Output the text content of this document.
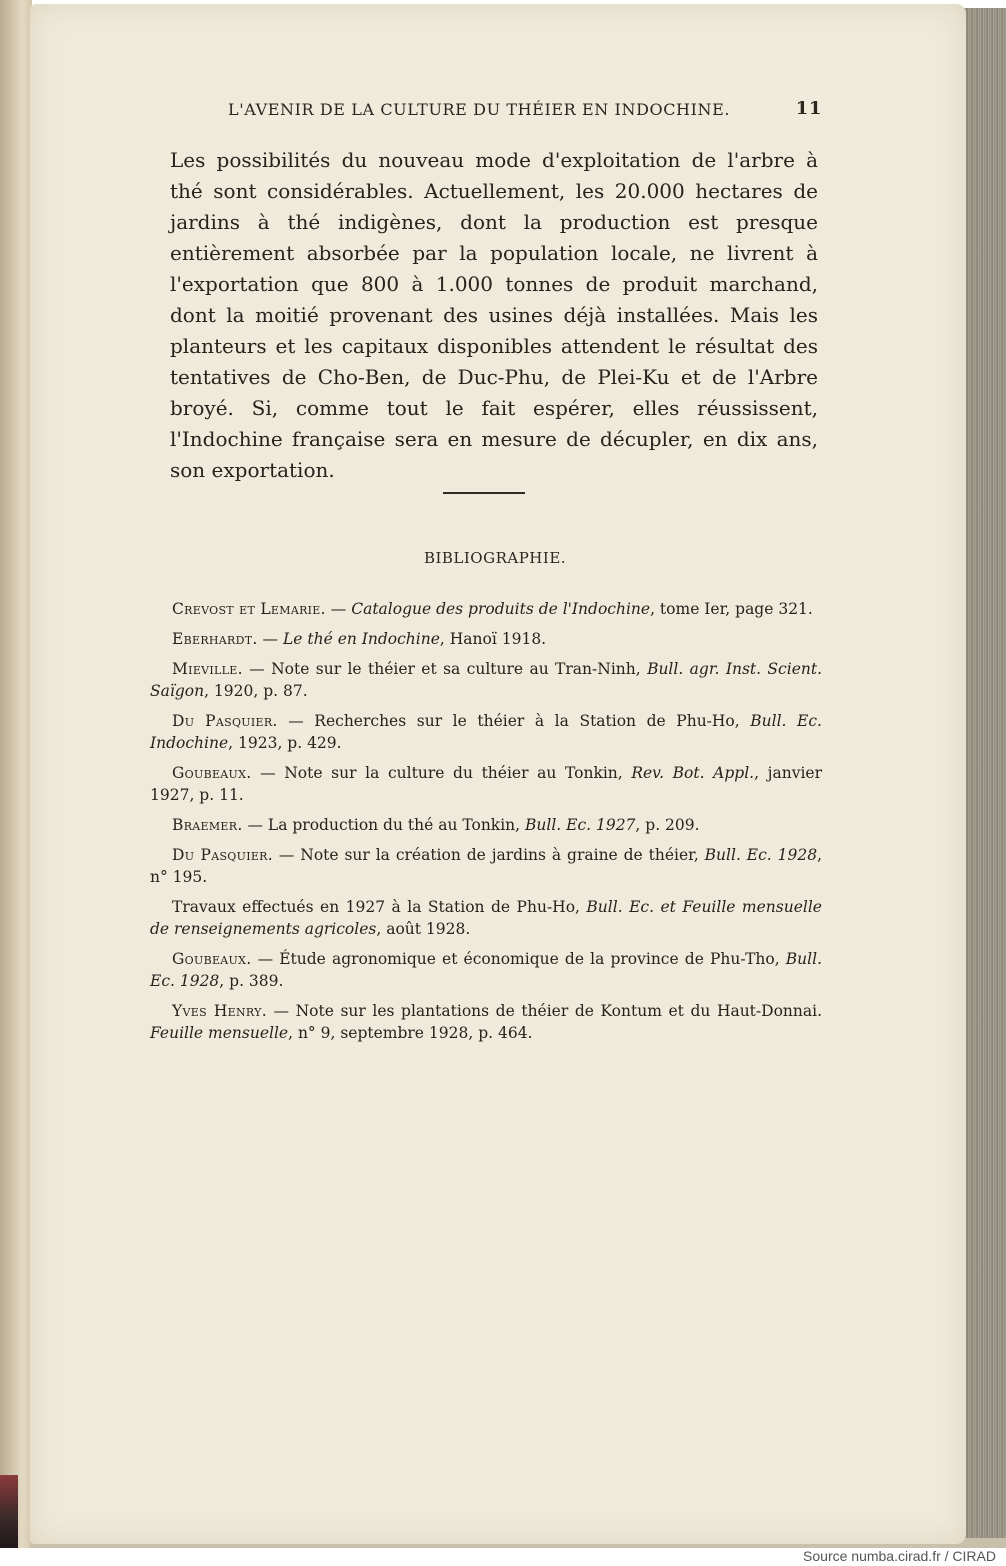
L'AVENIR DE LA CULTURE DU THÉIER EN INDOCHINE.	11

Les possibilités du nouveau mode d'exploitation de l'arbre à thé sont considérables. Actuellement, les 20.000 hectares de jardins à thé indigènes, dont la production est presque entièrement absorbée par la population locale, ne livrent à l'exportation que 800 à 1.000 tonnes de produit marchand, dont la moitié provenant des usines déjà installées. Mais les planteurs et les capitaux disponibles attendent le résultat des tentatives de Cho-Ben, de Duc-Phu, de Plei-Ku et de l'Arbre broyé. Si, comme tout le fait espérer, elles réussissent, l'Indochine française sera en mesure de décupler, en dix ans, son exportation.

BIBLIOGRAPHIE.

Crevost et Lemarie. — Catalogue des produits de l'Indochine, tome Ier, page 321.

Eberhardt. — Le thé en Indochine, Hanoï 1918.

Mieville. — Note sur le théier et sa culture au Tran-Ninh, Bull. agr. Inst. Scient. Saïgon, 1920, p. 87.

Du Pasquier. — Recherches sur le théier à la Station de Phu-Ho, Bull. Ec. Indochine, 1923, p. 429.

Goubeaux. — Note sur la culture du théier au Tonkin, Rev. Bot. Appl., janvier 1927, p. 11.

Braemer. — La production du thé au Tonkin, Bull. Ec. 1927, p. 209.

Du Pasquier. — Note sur la création de jardins à graine de théier, Bull. Ec. 1928, n° 195.

Travaux effectués en 1927 à la Station de Phu-Ho, Bull. Ec. et Feuille mensuelle de renseignements agricoles, août 1928.

Goubeaux. — Étude agronomique et économique de la province de Phu-Tho, Bull. Ec. 1928, p. 389.

Yves Henry. — Note sur les plantations de théier de Kontum et du Haut-Donnai. Feuille mensuelle, n° 9, septembre 1928, p. 464.

Source numba.cirad.fr / CIRAD
